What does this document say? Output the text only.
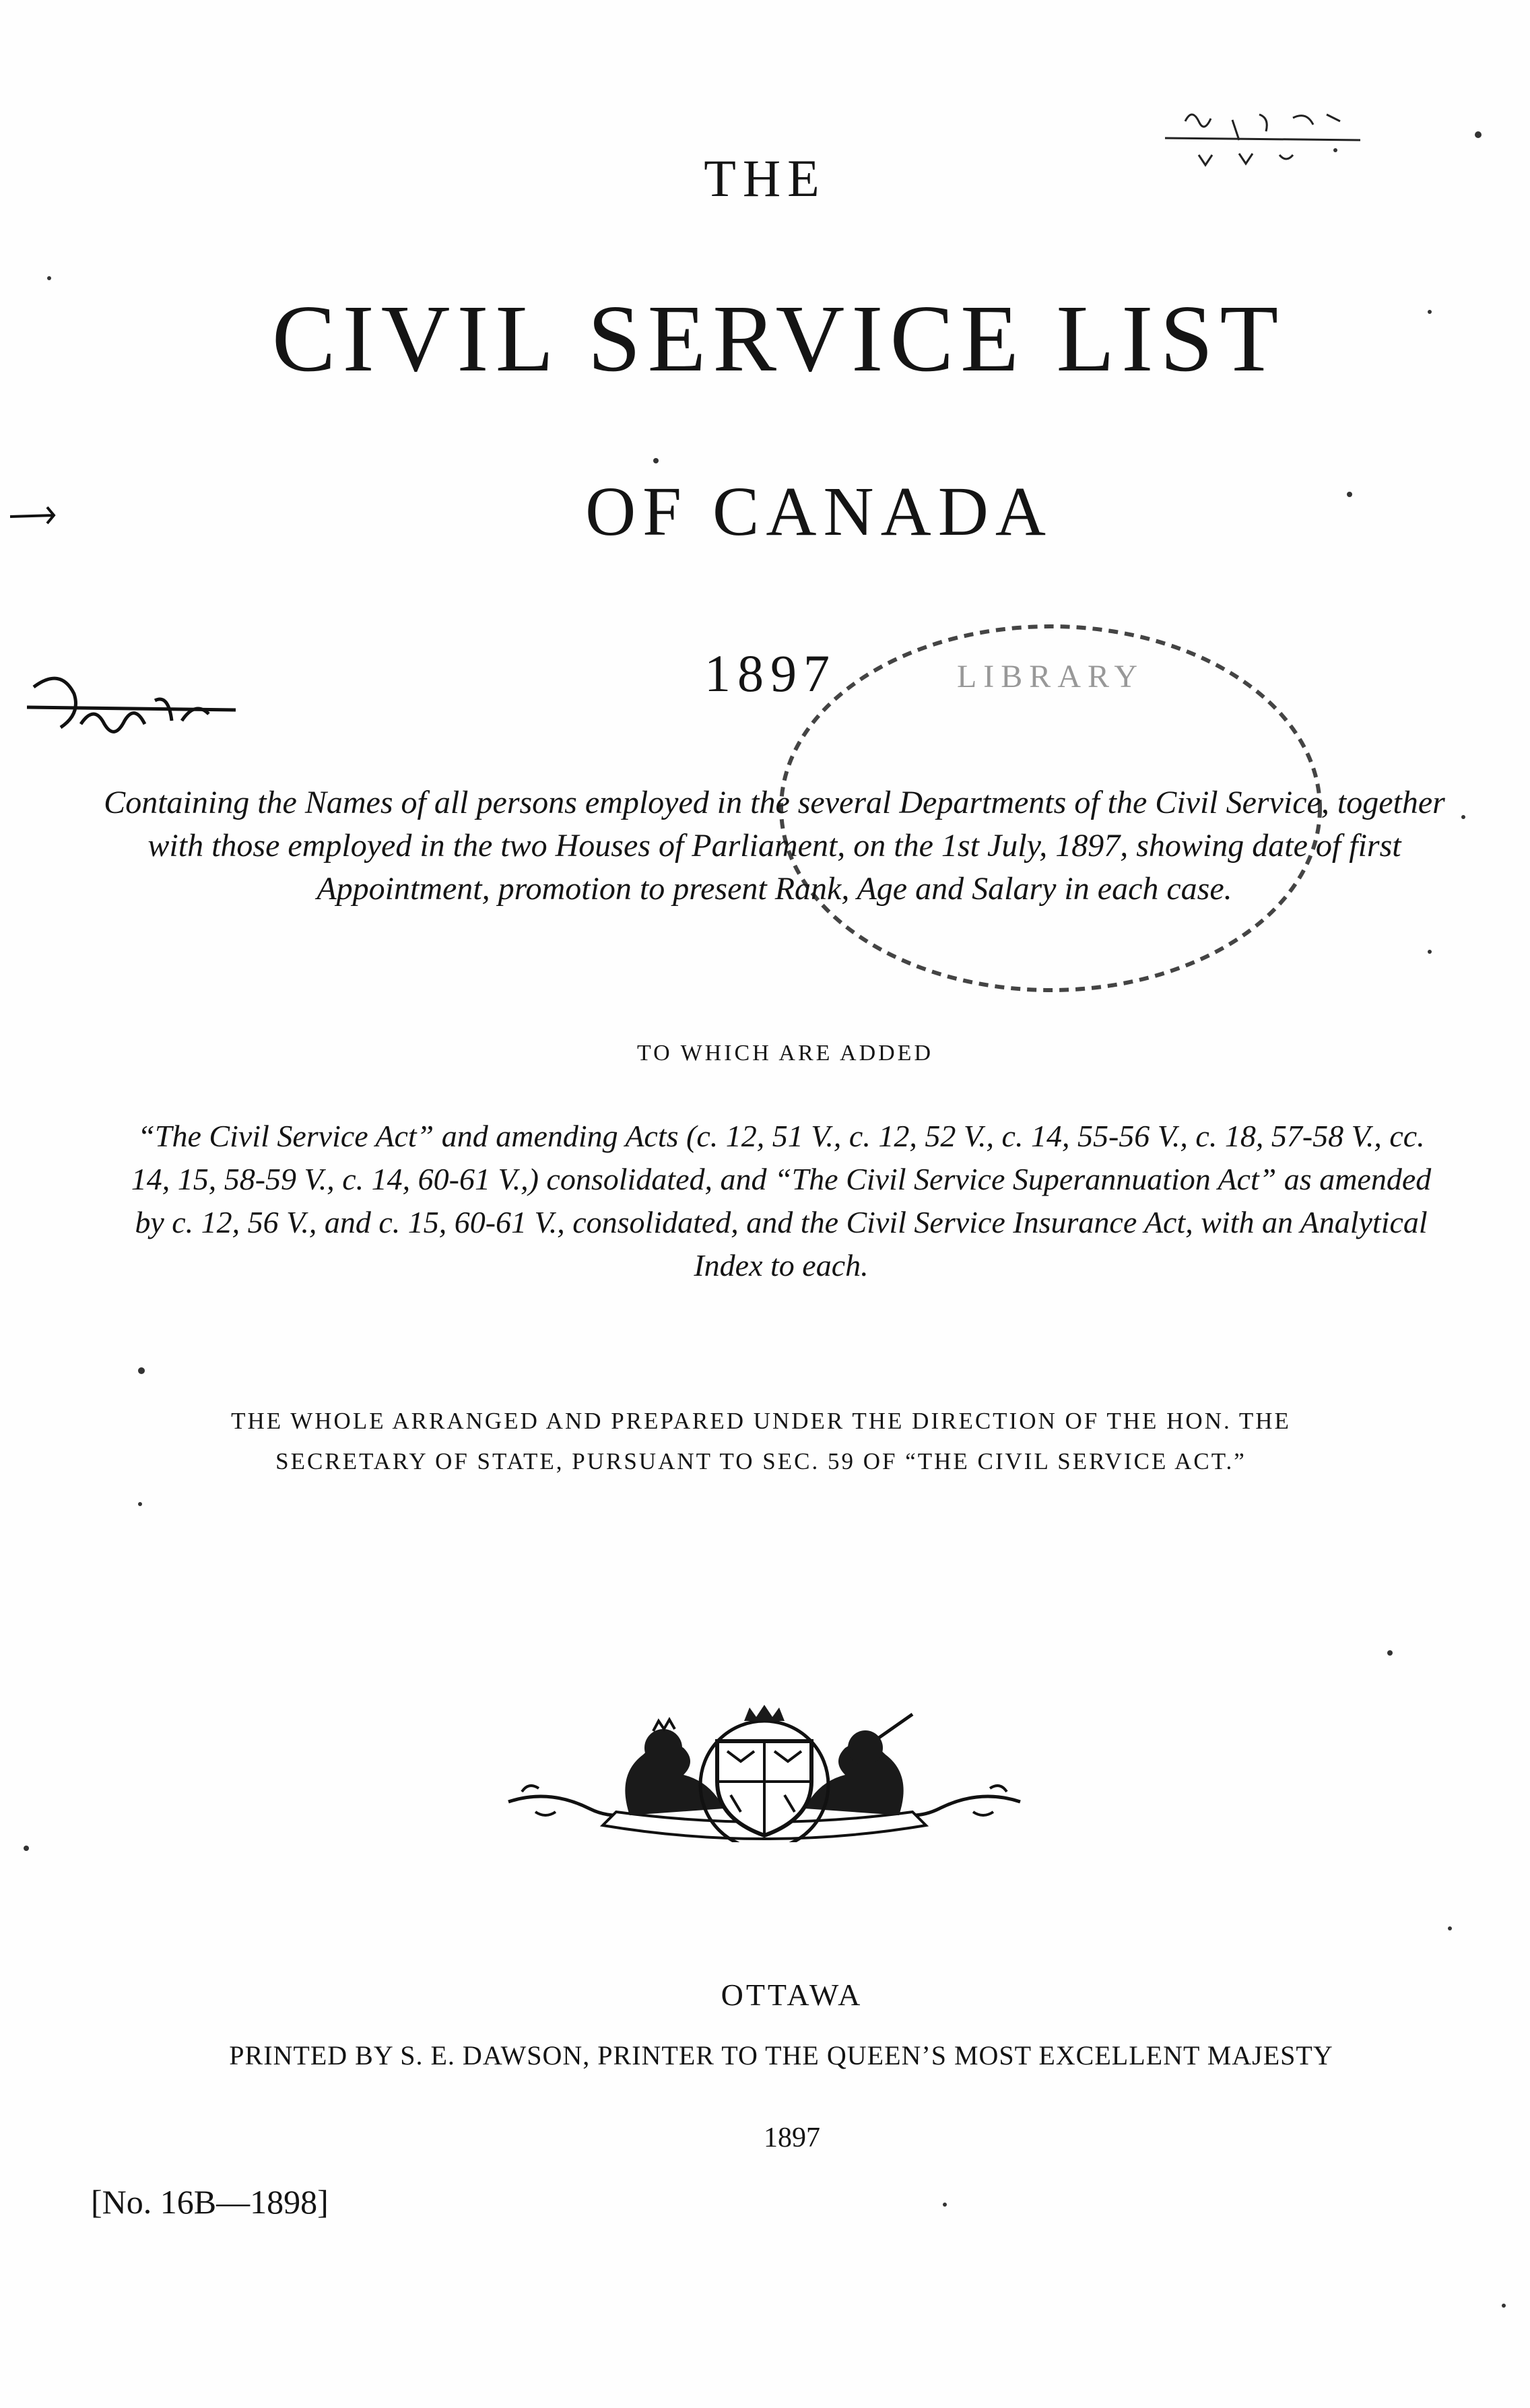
THE
CIVIL SERVICE LIST
OF CANADA
1897	LIBRARY
Containing the Names of all persons employed in the several Departments of the Civil Service, together with those employed in the two Houses of Parliament, on the 1st July, 1897, showing date of first Appointment, promotion to present Rank, Age and Salary in each case.
TO WHICH ARE ADDED
“The Civil Service Act” and amending Acts (c. 12, 51 V., c. 12, 52 V., c. 14, 55-56 V., c. 18, 57-58 V., cc. 14, 15, 58-59 V., c. 14, 60-61 V.,) consolidated, and “The Civil Service Superannuation Act” as amended by c. 12, 56 V., and c. 15, 60-61 V., consolidated, and the Civil Service Insurance Act, with an Analytical Index to each.
THE WHOLE ARRANGED AND PREPARED UNDER THE DIRECTION OF THE HON. THE SECRETARY OF STATE, PURSUANT TO SEC. 59 OF “THE CIVIL SERVICE ACT.”
OTTAWA
PRINTED BY S. E. DAWSON, PRINTER TO THE QUEEN’S MOST EXCELLENT MAJESTY
1897
[No. 16B—1898]
